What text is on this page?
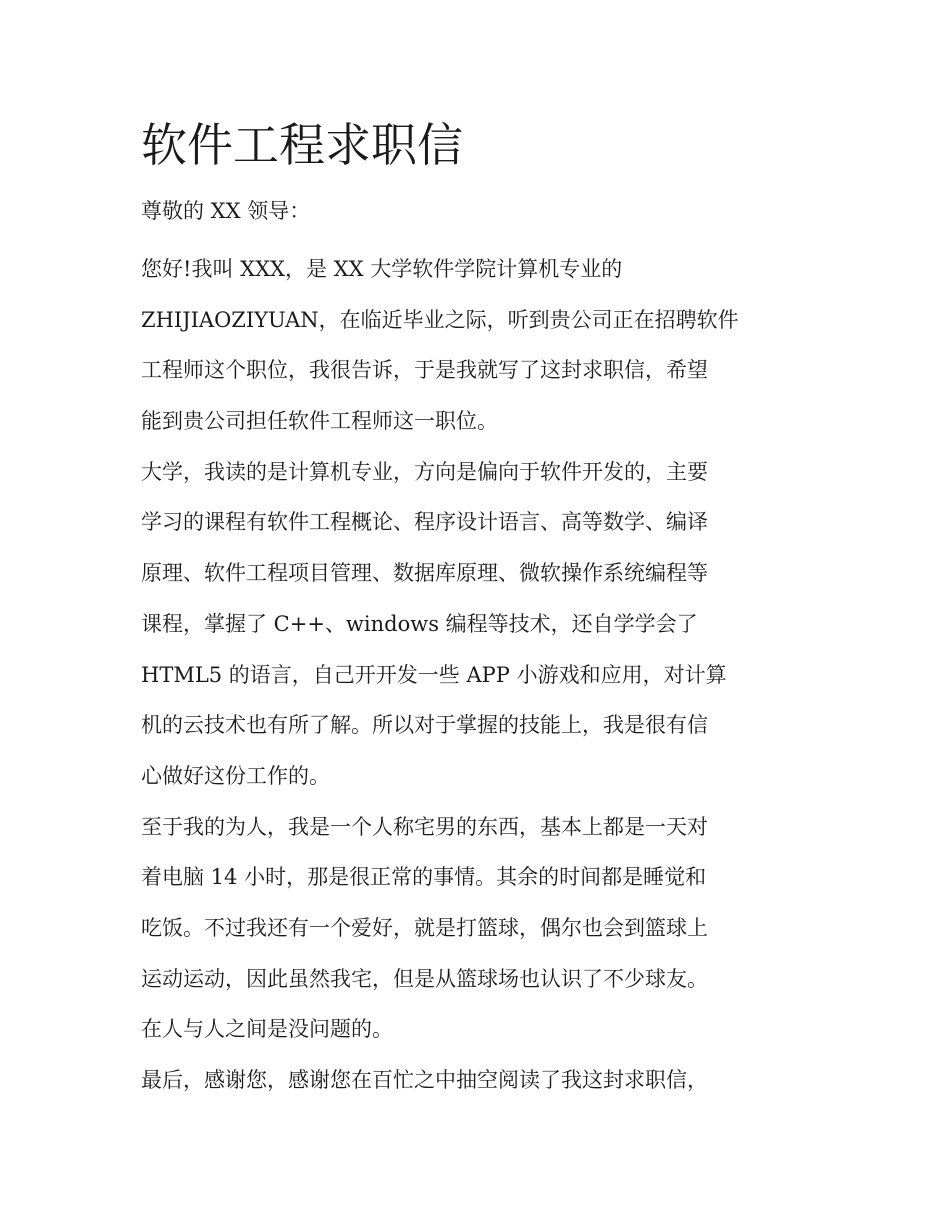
软件工程求职信
尊敬的 XX 领导：
您好!我叫 XXX，是 XX 大学软件学院计算机专业的
ZHIJIAOZIYUAN，在临近毕业之际，听到贵公司正在招聘软件
工程师这个职位，我很告诉，于是我就写了这封求职信，希望
能到贵公司担任软件工程师这一职位。
大学，我读的是计算机专业，方向是偏向于软件开发的，主要
学习的课程有软件工程概论、程序设计语言、高等数学、编译
原理、软件工程项目管理、数据库原理、微软操作系统编程等
课程，掌握了 C++、windows 编程等技术，还自学学会了
HTML5 的语言，自己开开发一些 APP 小游戏和应用，对计算
机的云技术也有所了解。所以对于掌握的技能上，我是很有信
心做好这份工作的。
至于我的为人，我是一个人称宅男的东西，基本上都是一天对
着电脑 14 小时，那是很正常的事情。其余的时间都是睡觉和
吃饭。不过我还有一个爱好，就是打篮球，偶尔也会到篮球上
运动运动，因此虽然我宅，但是从篮球场也认识了不少球友。
在人与人之间是没问题的。
最后，感谢您，感谢您在百忙之中抽空阅读了我这封求职信，
